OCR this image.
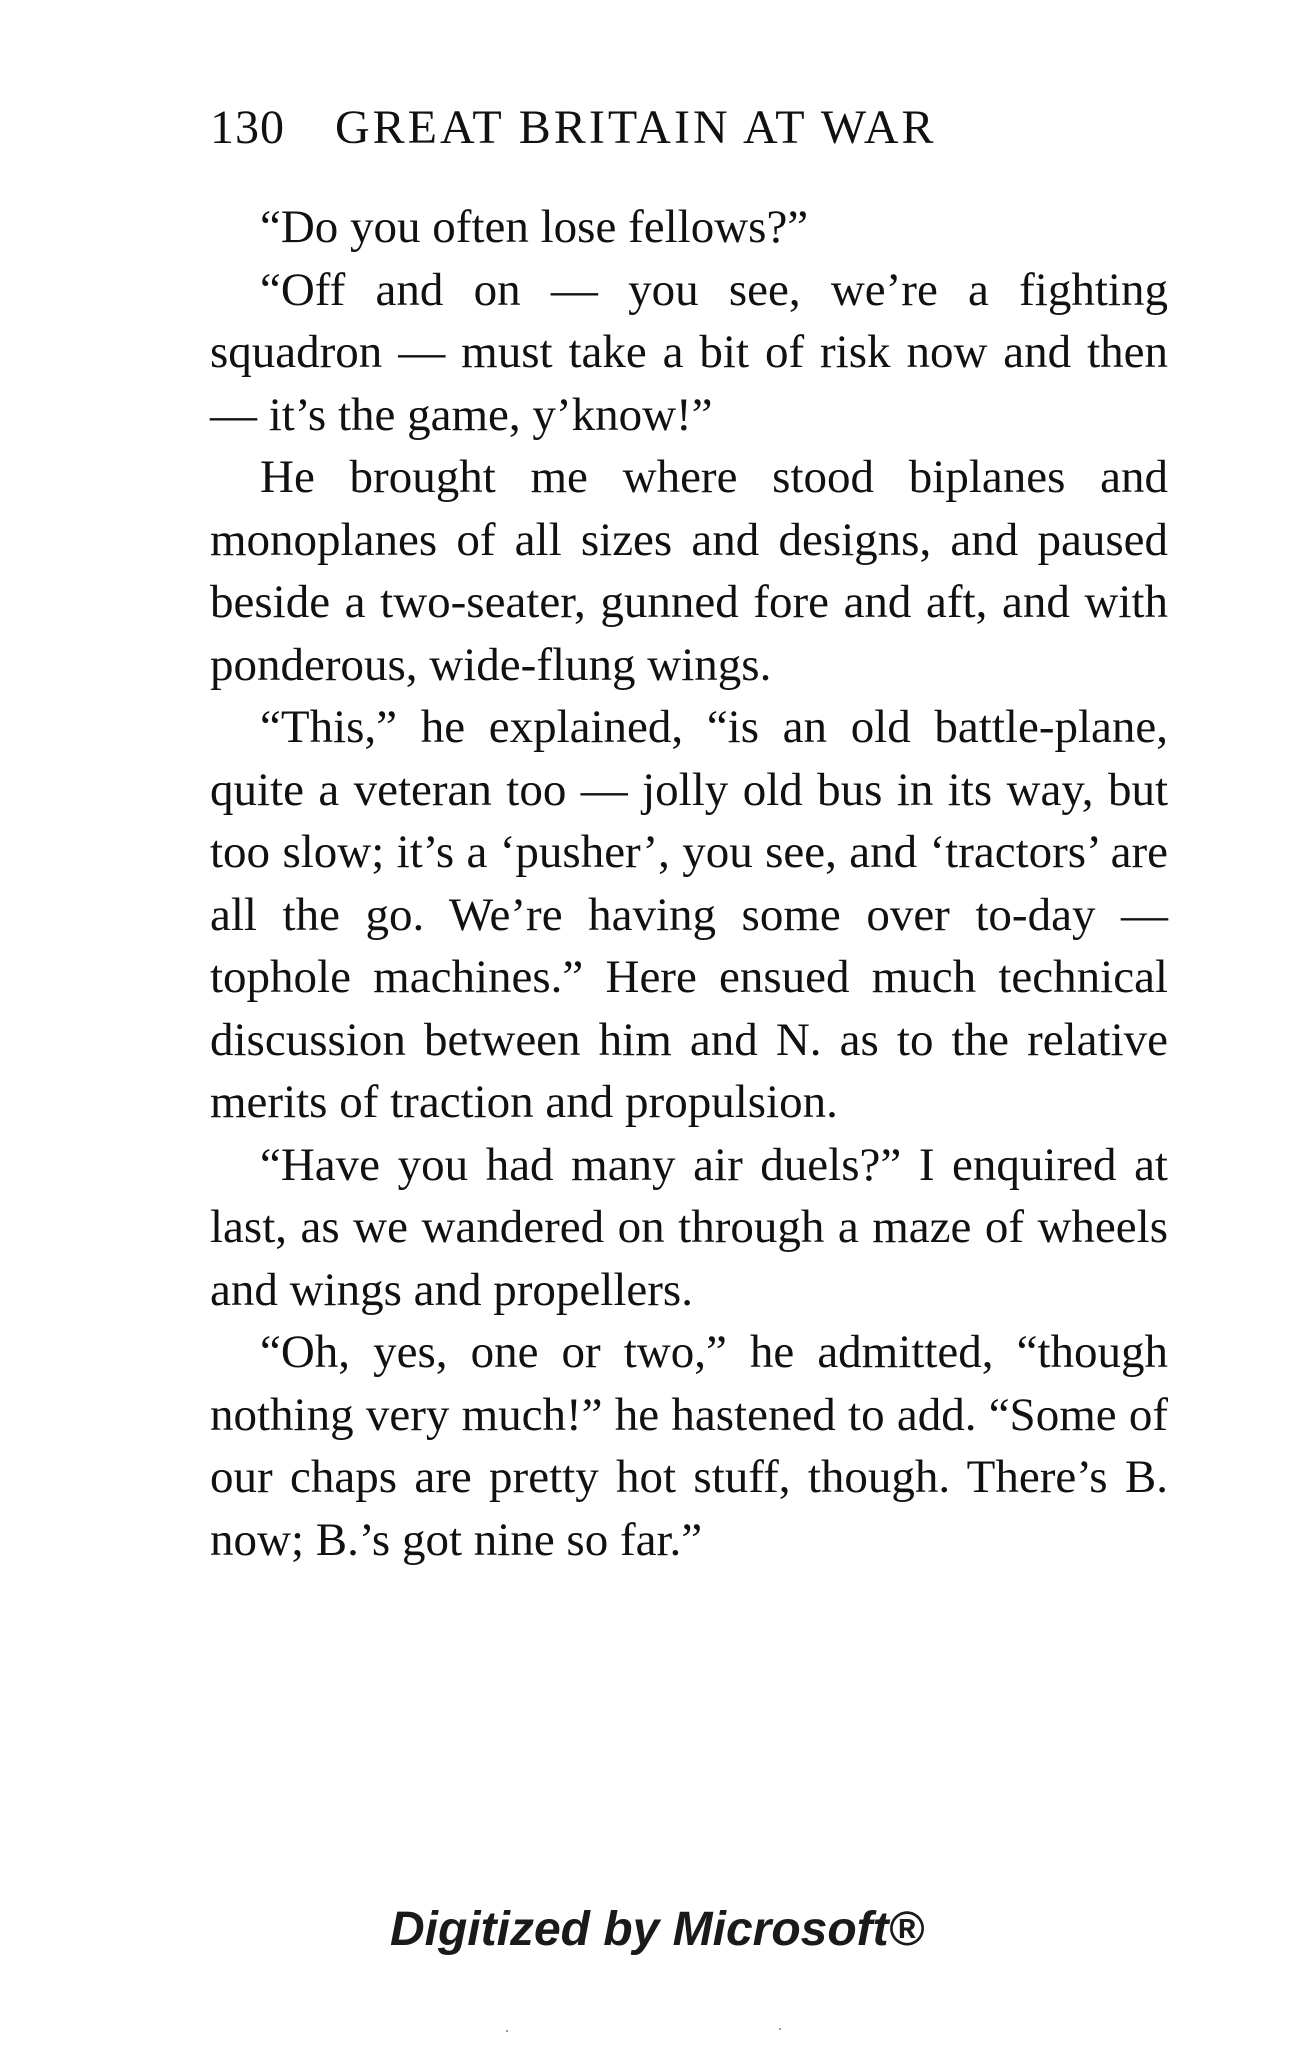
130 GREAT BRITAIN AT WAR

“Do you often lose fellows?”

“Off and on — you see, we’re a fighting squadron — must take a bit of risk now and then — it’s the game, y’know!”

He brought me where stood biplanes and monoplanes of all sizes and designs, and paused beside a two-seater, gunned fore and aft, and with ponderous, wide-flung wings.

“This,” he explained, “is an old battle-plane, quite a veteran too — jolly old bus in its way, but too slow; it’s a ‘pusher’, you see, and ‘tractors’ are all the go. We’re having some over to-day — tophole machines.” Here ensued much technical discussion between him and N. as to the relative merits of traction and propulsion.

“Have you had many air duels?” I enquired at last, as we wandered on through a maze of wheels and wings and propellers.

“Oh, yes, one or two,” he admitted, “though nothing very much!” he hastened to add. “Some of our chaps are pretty hot stuff, though. There’s B. now; B.’s got nine so far.”

Digitized by Microsoft®
